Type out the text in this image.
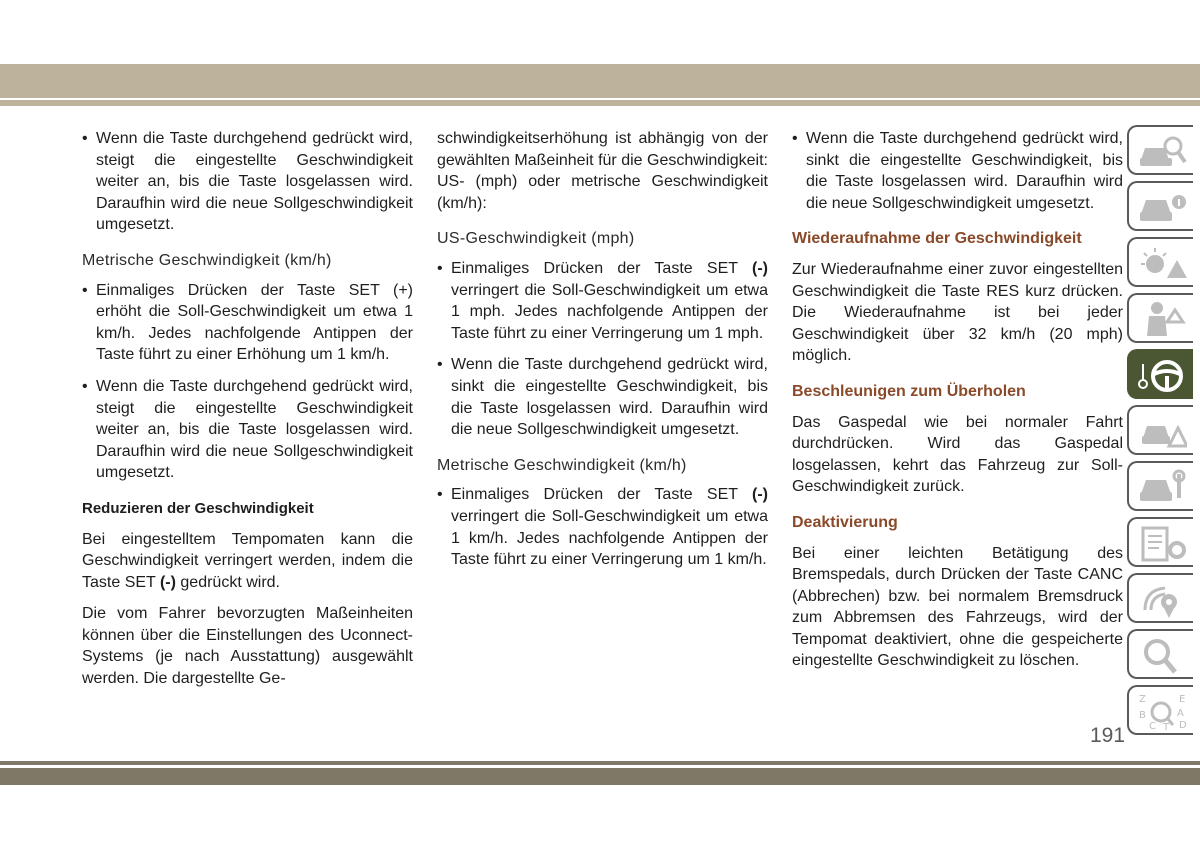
• Wenn die Taste durchgehend gedrückt wird, steigt die eingestellte Geschwindigkeit weiter an, bis die Taste losgelassen wird. Daraufhin wird die neue Sollgeschwindigkeit umgesetzt.
Metrische Geschwindigkeit (km/h)
• Einmaliges Drücken der Taste SET (+) erhöht die Soll-Geschwindigkeit um etwa 1 km/h. Jedes nachfolgende Antippen der Taste führt zu einer Erhöhung um 1 km/h.
• Wenn die Taste durchgehend gedrückt wird, steigt die eingestellte Geschwindigkeit weiter an, bis die Taste losgelassen wird. Daraufhin wird die neue Sollgeschwindigkeit umgesetzt.
Reduzieren der Geschwindigkeit

Bei eingestelltem Tempomaten kann die Geschwindigkeit verringert werden, indem die Taste SET (-) gedrückt wird.

Die vom Fahrer bevorzugten Maßeinheiten können über die Einstellungen des Uconnect-Systems (je nach Ausstattung) ausgewählt werden. Die dargestellte Ge-

schwindigkeitserhöhung ist abhängig von der gewählten Maßeinheit für die Geschwindigkeit: US- (mph) oder metrische Geschwindigkeit (km/h):

US-Geschwindigkeit (mph)
• Einmaliges Drücken der Taste SET (-) verringert die Soll-Geschwindigkeit um etwa 1 mph. Jedes nachfolgende Antippen der Taste führt zu einer Verringerung um 1 mph.
• Wenn die Taste durchgehend gedrückt wird, sinkt die eingestellte Geschwindigkeit, bis die Taste losgelassen wird. Daraufhin wird die neue Sollgeschwindigkeit umgesetzt.
Metrische Geschwindigkeit (km/h)
• Einmaliges Drücken der Taste SET (-) verringert die Soll-Geschwindigkeit um etwa 1 km/h. Jedes nachfolgende Antippen der Taste führt zu einer Verringerung um 1 km/h.
• Wenn die Taste durchgehend gedrückt wird, sinkt die eingestellte Geschwindigkeit, bis die Taste losgelassen wird. Daraufhin wird die neue Sollgeschwindigkeit umgesetzt.
Wiederaufnahme der Geschwindigkeit

Zur Wiederaufnahme einer zuvor eingestellten Geschwindigkeit die Taste RES kurz drücken. Die Wiederaufnahme ist bei jeder Geschwindigkeit über 32 km/h (20 mph) möglich.

Beschleunigen zum Überholen

Das Gaspedal wie bei normaler Fahrt durchdrücken. Wird das Gaspedal losgelassen, kehrt das Fahrzeug zur Soll-Geschwindigkeit zurück.

Deaktivierung

Bei einer leichten Betätigung des Bremspedals, durch Drücken der Taste CANC (Abbrechen) bzw. bei normalem Bremsdruck zum Abbremsen des Fahrzeugs, wird der Tempomat deaktiviert, ohne die gespeicherte eingestellte Geschwindigkeit zu löschen.

Z	E
B	A
C D
T
191
